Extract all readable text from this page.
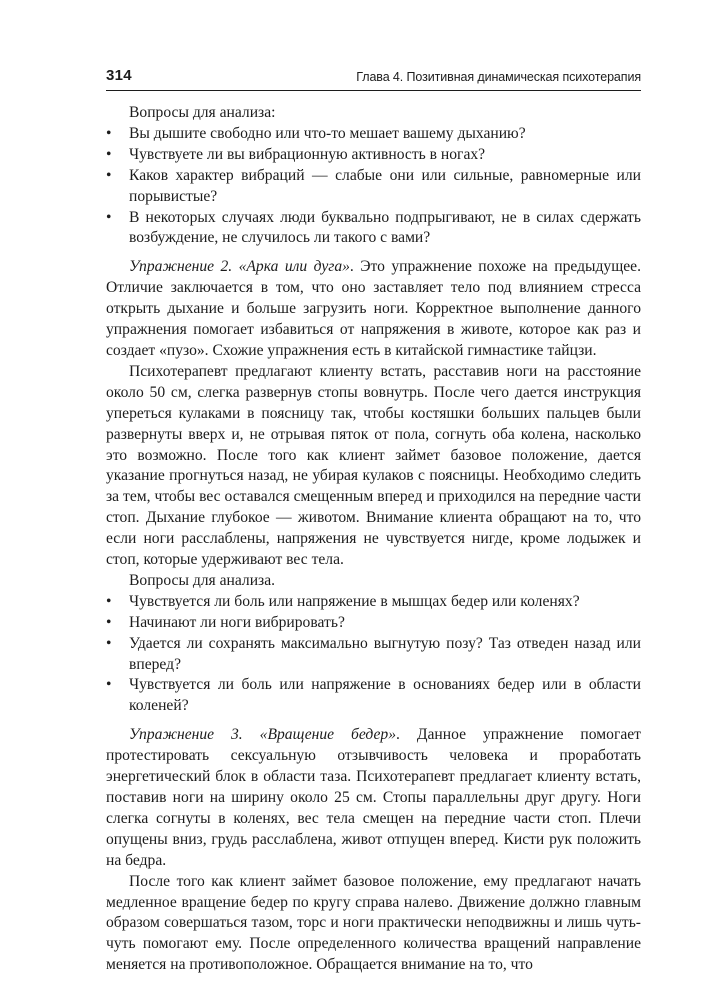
314	Глава 4. Позитивная динамическая психотерапия

Вопросы для анализа:

• Вы дышите свободно или что-то мешает вашему дыханию?
• Чувствуете ли вы вибрационную активность в ногах?
• Каков характер вибраций — слабые они или сильные, равномерные или порывистые?
• В некоторых случаях люди буквально подпрыгивают, не в силах сдержать возбуждение, не случилось ли такого с вами?

Упражнение 2. «Арка или дуга». Это упражнение похоже на предыдущее. Отличие заключается в том, что оно заставляет тело под влиянием стресса открыть дыхание и больше загрузить ноги. Корректное выполнение данного упражнения помогает избавиться от напряжения в животе, которое как раз и создает «пузо». Схожие упражнения есть в китайской гимнастике тайцзи.

Психотерапевт предлагают клиенту встать, расставив ноги на расстояние около 50 см, слегка развернув стопы вовнутрь. После чего дается инструкция упереться кулаками в поясницу так, чтобы костяшки больших пальцев были развернуты вверх и, не отрывая пяток от пола, согнуть оба колена, насколько это возможно. После того как клиент займет базовое положение, дается указание прогнуться назад, не убирая кулаков с поясницы. Необходимо следить за тем, чтобы вес оставался смещенным вперед и приходился на передние части стоп. Дыхание глубокое — животом. Внимание клиента обращают на то, что если ноги расслаблены, напряжения не чувствуется нигде, кроме лодыжек и стоп, которые удерживают вес тела.

Вопросы для анализа.

• Чувствуется ли боль или напряжение в мышцах бедер или коленях?
• Начинают ли ноги вибрировать?
• Удается ли сохранять максимально выгнутую позу? Таз отведен назад или вперед?
• Чувствуется ли боль или напряжение в основаниях бедер или в области коленей?

Упражнение 3. «Вращение бедер». Данное упражнение помогает протестировать сексуальную отзывчивость человека и проработать энергетический блок в области таза. Психотерапевт предлагает клиенту встать, поставив ноги на ширину около 25 см. Стопы параллельны друг другу. Ноги слегка согнуты в коленях, вес тела смещен на передние части стоп. Плечи опущены вниз, грудь расслаблена, живот отпущен вперед. Кисти рук положить на бедра.

После того как клиент займет базовое положение, ему предлагают начать медленное вращение бедер по кругу справа налево. Движение должно главным образом совершаться тазом, торс и ноги практически неподвижны и лишь чуть-чуть помогают ему. После определенного количества вращений направление меняется на противоположное. Обращается внимание на то, что
